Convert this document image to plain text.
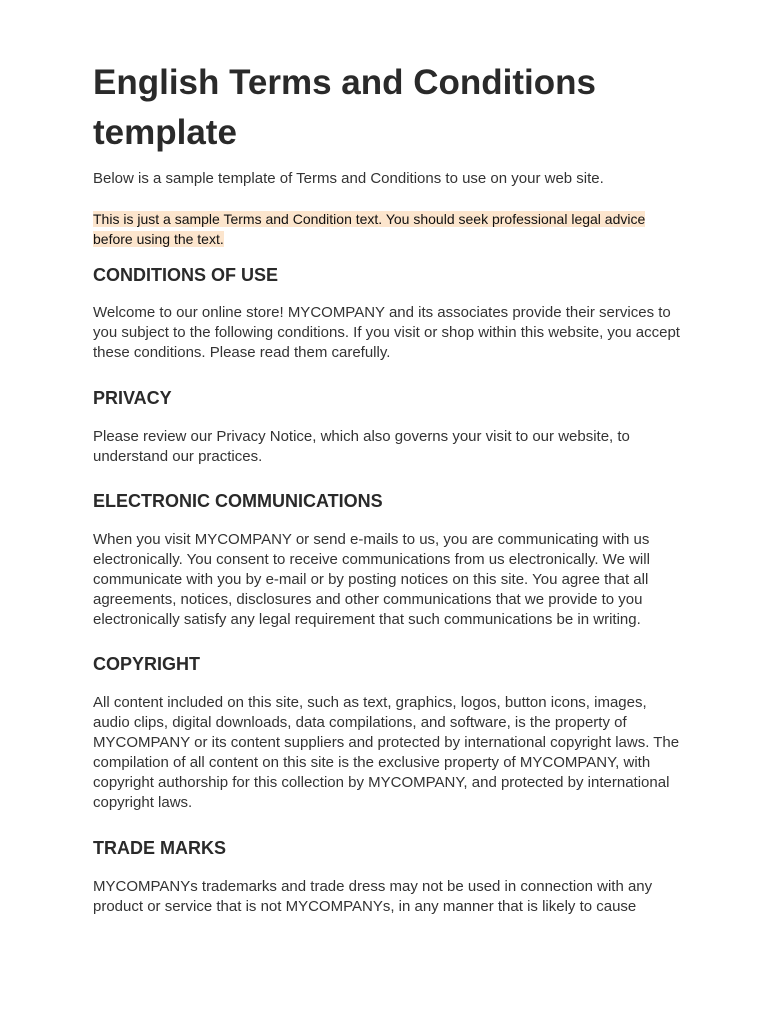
English Terms and Conditions template

Below is a sample template of Terms and Conditions to use on your web site.

This is just a sample Terms and Condition text. You should seek professional legal advice before using the text.

CONDITIONS OF USE

Welcome to our online store! MYCOMPANY and its associates provide their services to you subject to the following conditions. If you visit or shop within this website, you accept these conditions. Please read them carefully.

PRIVACY

Please review our Privacy Notice, which also governs your visit to our website, to understand our practices.

ELECTRONIC COMMUNICATIONS

When you visit MYCOMPANY or send e-mails to us, you are communicating with us electronically. You consent to receive communications from us electronically. We will communicate with you by e-mail or by posting notices on this site. You agree that all agreements, notices, disclosures and other communications that we provide to you electronically satisfy any legal requirement that such communications be in writing.

COPYRIGHT

All content included on this site, such as text, graphics, logos, button icons, images, audio clips, digital downloads, data compilations, and software, is the property of MYCOMPANY or its content suppliers and protected by international copyright laws. The compilation of all content on this site is the exclusive property of MYCOMPANY, with copyright authorship for this collection by MYCOMPANY, and protected by international copyright laws.

TRADE MARKS

MYCOMPANYs trademarks and trade dress may not be used in connection with any product or service that is not MYCOMPANYs, in any manner that is likely to cause
